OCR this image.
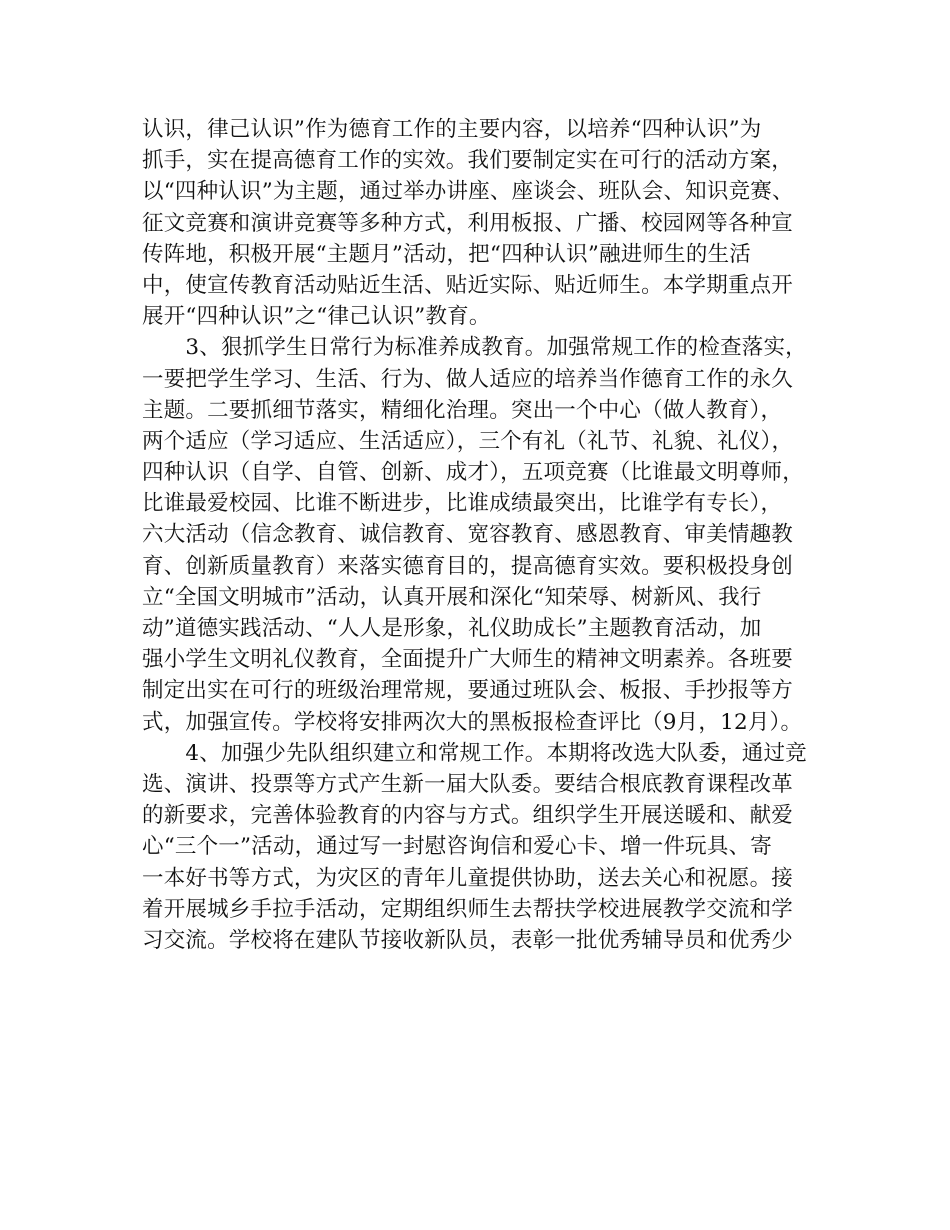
认识，律己认识”作为德育工作的主要内容，以培养“四种认识”为
抓手，实在提高德育工作的实效。我们要制定实在可行的活动方案，
以“四种认识”为主题，通过举办讲座、座谈会、班队会、知识竞赛、
征文竞赛和演讲竞赛等多种方式，利用板报、广播、校园网等各种宣
传阵地，积极开展“主题月”活动，把“四种认识”融进师生的生活
中，使宣传教育活动贴近生活、贴近实际、贴近师生。本学期重点开
展开“四种认识”之“律己认识”教育。
　　3、狠抓学生日常行为标准养成教育。加强常规工作的检查落实，
一要把学生学习、生活、行为、做人适应的培养当作德育工作的永久
主题。二要抓细节落实，精细化治理。突出一个中心（做人教育），
两个适应（学习适应、生活适应），三个有礼（礼节、礼貌、礼仪），
四种认识（自学、自管、创新、成才），五项竞赛（比谁最文明尊师，
比谁最爱校园、比谁不断进步，比谁成绩最突出，比谁学有专长），
六大活动（信念教育、诚信教育、宽容教育、感恩教育、审美情趣教
育、创新质量教育）来落实德育目的，提高德育实效。要积极投身创
立“全国文明城市”活动，认真开展和深化“知荣辱、树新风、我行
动”道德实践活动、“人人是形象，礼仪助成长”主题教育活动，加
强小学生文明礼仪教育，全面提升广大师生的精神文明素养。各班要
制定出实在可行的班级治理常规，要通过班队会、板报、手抄报等方
式，加强宣传。学校将安排两次大的黑板报检查评比（9月，12月）。
　　4、加强少先队组织建立和常规工作。本期将改选大队委，通过竞
选、演讲、投票等方式产生新一届大队委。要结合根底教育课程改革
的新要求，完善体验教育的内容与方式。组织学生开展送暖和、献爱
心“三个一”活动，通过写一封慰咨询信和爱心卡、增一件玩具、寄
一本好书等方式，为灾区的青年儿童提供协助，送去关心和祝愿。接
着开展城乡手拉手活动，定期组织师生去帮扶学校进展教学交流和学
习交流。学校将在建队节接收新队员，表彰一批优秀辅导员和优秀少
